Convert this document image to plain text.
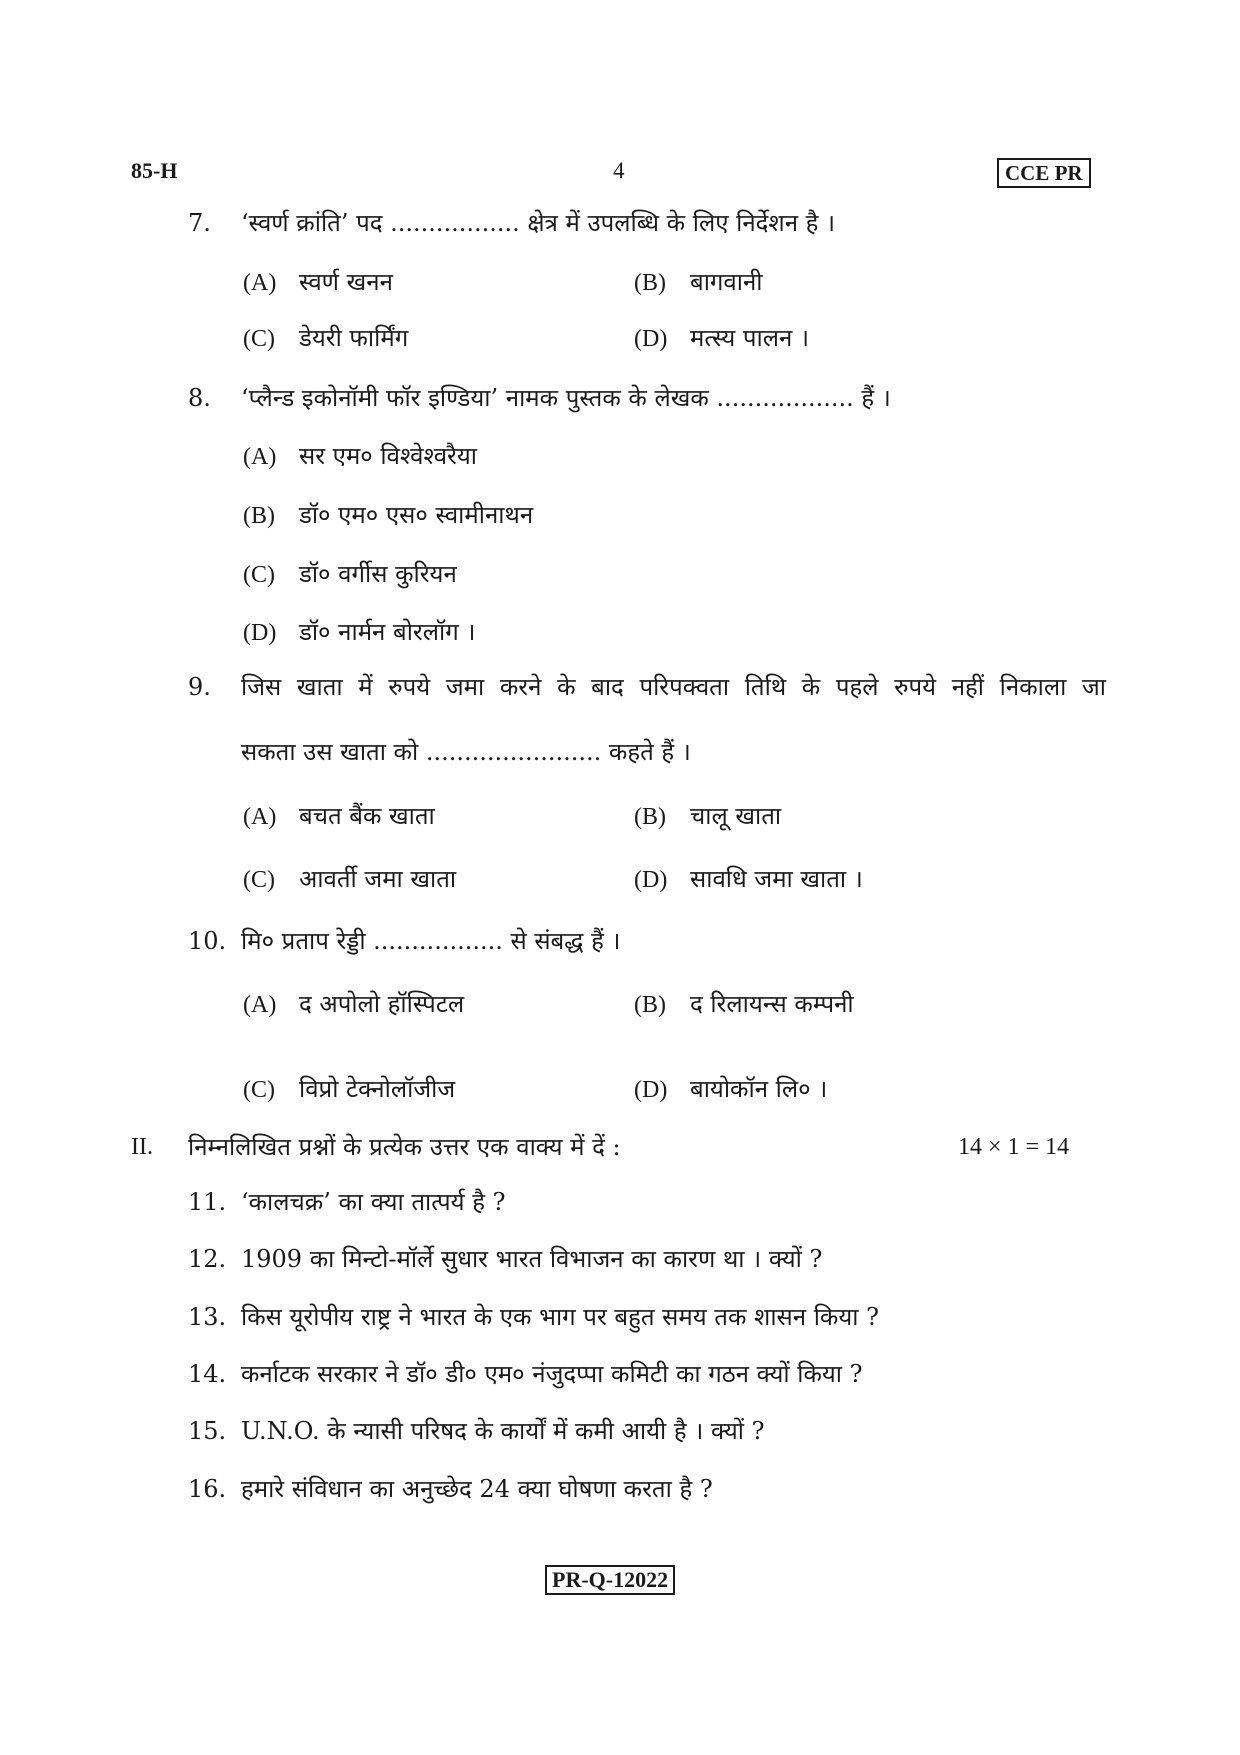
85-H	4	CCE PR
7. ‘स्वर्ण क्रांति’ पद ................. क्षेत्र में उपलब्धि के लिए निर्देशन है ।
(A) स्वर्ण खनन	(B) बागवानी
(C) डेयरी फार्मिंग	(D) मत्स्य पालन ।
8. ‘प्लैन्ड इकोनॉमी फॉर इण्डिया’ नामक पुस्तक के लेखक .................. हैं ।
(A) सर एम० विश्वेश्वरैया
(B) डॉ० एम० एस० स्वामीनाथन
(C) डॉ० वर्गीस कुरियन
(D) डॉ० नार्मन बोरलॉग ।
9. जिस खाता में रुपये जमा करने के बाद परिपक्वता तिथि के पहले रुपये नहीं निकाला जा
सकता उस खाता को ....................... कहते हैं ।
(A) बचत बैंक खाता	(B) चालू खाता
(C) आवर्ती जमा खाता	(D) सावधि जमा खाता ।
10. मि० प्रताप रेड्डी ................. से संबद्ध हैं ।
(A) द अपोलो हॉस्पिटल	(B) द रिलायन्स कम्पनी
(C) विप्रो टेक्नोलॉजीज	(D) बायोकॉन लि० ।
II. निम्नलिखित प्रश्नों के प्रत्येक उत्तर एक वाक्य में दें :	14 × 1 = 14
11. ‘कालचक्र’ का क्या तात्पर्य है ?
12. 1909 का मिन्टो-मॉर्ले सुधार भारत विभाजन का कारण था । क्यों ?
13. किस यूरोपीय राष्ट्र ने भारत के एक भाग पर बहुत समय तक शासन किया ?
14. कर्नाटक सरकार ने डॉ० डी० एम० नंजुदप्पा कमिटी का गठन क्यों किया ?
15. U.N.O. के न्यासी परिषद के कार्यों में कमी आयी है । क्यों ?
16. हमारे संविधान का अनुच्छेद 24 क्या घोषणा करता है ?
PR-Q-12022
